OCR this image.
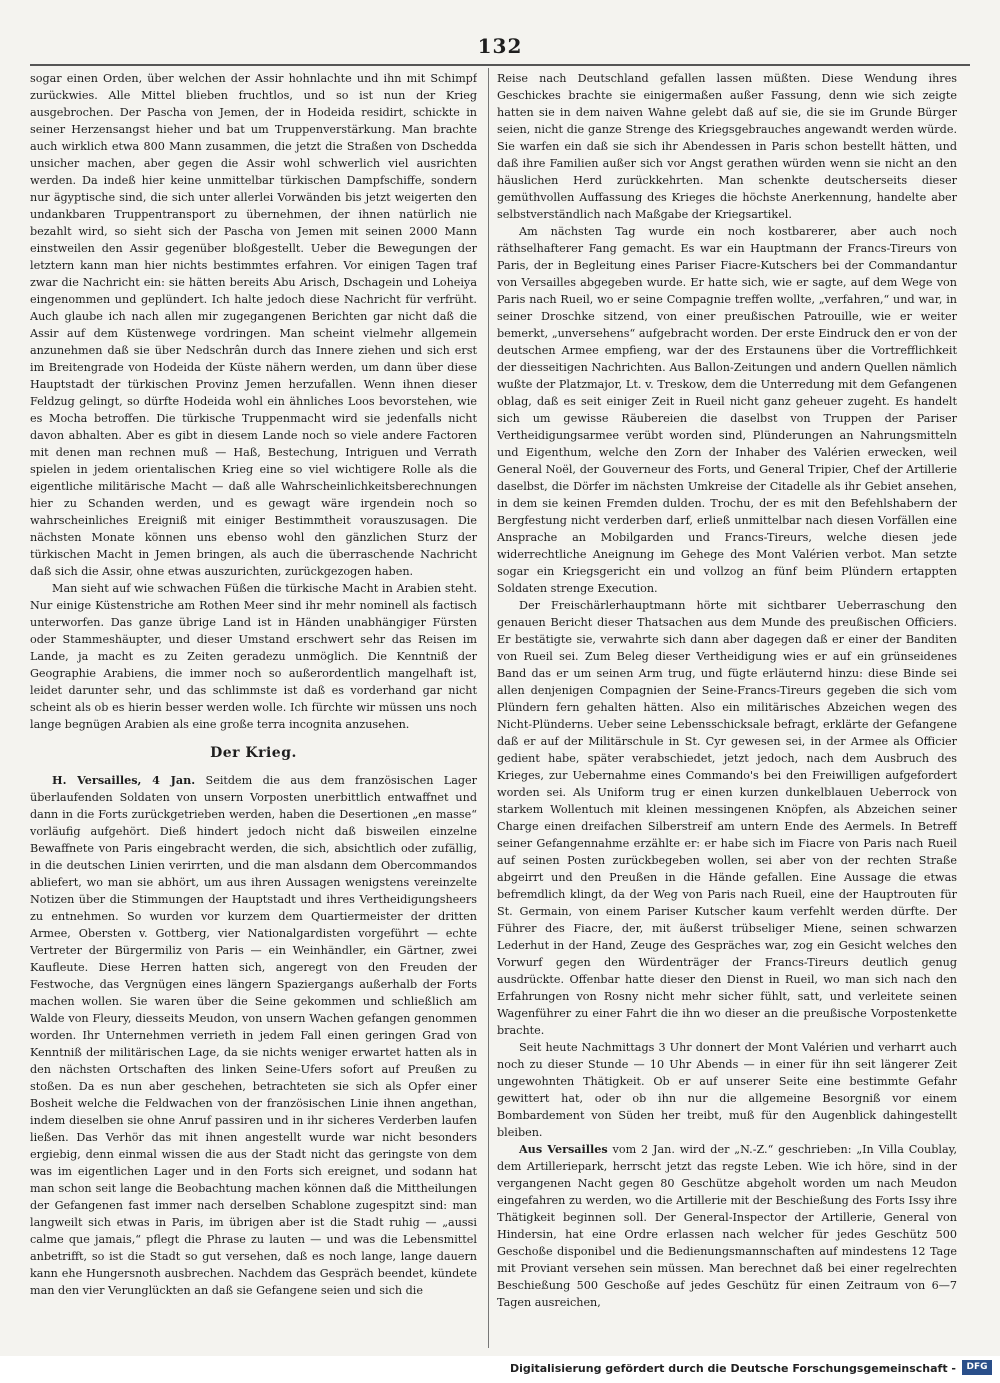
132

sogar einen Orden, über welchen der Assir hohnlachte und ihn mit Schimpf zurückwies. Alle Mittel blieben fruchtlos, und so ist nun der Krieg ausgebrochen. Der Pascha von Jemen, der in Hodeida residirt, schickte in seiner Herzensangst hieher und bat um Truppenverstärkung. Man brachte auch wirklich etwa 800 Mann zusammen, die jetzt die Straßen von Dschedda unsicher machen, aber gegen die Assir wohl schwerlich viel ausrichten werden. Da indeß hier keine unmittelbar türkischen Dampfschiffe, sondern nur ägyptische sind, die sich unter allerlei Vorwänden bis jetzt weigerten den undankbaren Truppentransport zu übernehmen, der ihnen natürlich nie bezahlt wird, so sieht sich der Pascha von Jemen mit seinen 2000 Mann einstweilen den Assir gegenüber bloßgestellt. Ueber die Bewegungen der letztern kann man hier nichts bestimmtes erfahren. Vor einigen Tagen traf zwar die Nachricht ein: sie hätten bereits Abu Arisch, Dschagein und Loheiya eingenommen und geplündert. Ich halte jedoch diese Nachricht für verfrüht. Auch glaube ich nach allen mir zugegangenen Berichten gar nicht daß die Assir auf dem Küstenwege vordringen. Man scheint vielmehr allgemein anzunehmen daß sie über Nedschrân durch das Innere ziehen und sich erst im Breitengrade von Hodeida der Küste nähern werden, um dann über diese Hauptstadt der türkischen Provinz Jemen herzufallen. Wenn ihnen dieser Feldzug gelingt, so dürfte Hodeida wohl ein ähnliches Loos bevorstehen, wie es Mocha betroffen. Die türkische Truppenmacht wird sie jedenfalls nicht davon abhalten. Aber es gibt in diesem Lande noch so viele andere Factoren mit denen man rechnen muß — Haß, Bestechung, Intriguen und Verrath spielen in jedem orientalischen Krieg eine so viel wichtigere Rolle als die eigentliche militärische Macht — daß alle Wahrscheinlichkeitsberechnungen hier zu Schanden werden, und es gewagt wäre irgendein noch so wahrscheinliches Ereigniß mit einiger Bestimmtheit vorauszusagen. Die nächsten Monate können uns ebenso wohl den gänzlichen Sturz der türkischen Macht in Jemen bringen, als auch die überraschende Nachricht daß sich die Assir, ohne etwas auszurichten, zurückgezogen haben.

Man sieht auf wie schwachen Füßen die türkische Macht in Arabien steht. Nur einige Küstenstriche am Rothen Meer sind ihr mehr nominell als factisch unterworfen. Das ganze übrige Land ist in Händen unabhängiger Fürsten oder Stammeshäupter, und dieser Umstand erschwert sehr das Reisen im Lande, ja macht es zu Zeiten geradezu unmöglich. Die Kenntniß der Geographie Arabiens, die immer noch so außerordentlich mangelhaft ist, leidet darunter sehr, und das schlimmste ist daß es vorderhand gar nicht scheint als ob es hierin besser werden wolle. Ich fürchte wir müssen uns noch lange begnügen Arabien als eine große terra incognita anzusehen.

Der Krieg.

H. Versailles, 4 Jan. Seitdem die aus dem französischen Lager überlaufenden Soldaten von unsern Vorposten unerbittlich entwaffnet und dann in die Forts zurückgetrieben werden, haben die Desertionen „en masse“ vorläufig aufgehört. Dieß hindert jedoch nicht daß bisweilen einzelne Bewaffnete von Paris eingebracht werden, die sich, absichtlich oder zufällig, in die deutschen Linien verirrten, und die man alsdann dem Obercommandos abliefert, wo man sie abhört, um aus ihren Aussagen wenigstens vereinzelte Notizen über die Stimmungen der Hauptstadt und ihres Vertheidigungsheers zu entnehmen. So wurden vor kurzem dem Quartiermeister der dritten Armee, Obersten v. Gottberg, vier Nationalgardisten vorgeführt — echte Vertreter der Bürgermiliz von Paris — ein Weinhändler, ein Gärtner, zwei Kaufleute. Diese Herren hatten sich, angeregt von den Freuden der Festwoche, das Vergnügen eines längern Spaziergangs außerhalb der Forts machen wollen. Sie waren über die Seine gekommen und schließlich am Walde von Fleury, diesseits Meudon, von unsern Wachen gefangen genommen worden. Ihr Unternehmen verrieth in jedem Fall einen geringen Grad von Kenntniß der militärischen Lage, da sie nichts weniger erwartet hatten als in den nächsten Ortschaften des linken Seine-Ufers sofort auf Preußen zu stoßen. Da es nun aber geschehen, betrachteten sie sich als Opfer einer Bosheit welche die Feldwachen von der französischen Linie ihnen angethan, indem dieselben sie ohne Anruf passiren und in ihr sicheres Verderben laufen ließen. Das Verhör das mit ihnen angestellt wurde war nicht besonders ergiebig, denn einmal wissen die aus der Stadt nicht das geringste von dem was im eigentlichen Lager und in den Forts sich ereignet, und sodann hat man schon seit lange die Beobachtung machen können daß die Mittheilungen der Gefangenen fast immer nach derselben Schablone zugespitzt sind: man langweilt sich etwas in Paris, im übrigen aber ist die Stadt ruhig — „aussi calme que jamais,“ pflegt die Phrase zu lauten — und was die Lebensmittel anbetrifft, so ist die Stadt so gut versehen, daß es noch lange, lange dauern kann ehe Hungersnoth ausbrechen. Nachdem das Gespräch beendet, kündete man den vier Verunglückten an daß sie Gefangene seien und sich die

Reise nach Deutschland gefallen lassen müßten. Diese Wendung ihres Geschickes brachte sie einigermaßen außer Fassung, denn wie sich zeigte hatten sie in dem naiven Wahne gelebt daß auf sie, die sie im Grunde Bürger seien, nicht die ganze Strenge des Kriegsgebrauches angewandt werden würde. Sie warfen ein daß sie sich ihr Abendessen in Paris schon bestellt hätten, und daß ihre Familien außer sich vor Angst gerathen würden wenn sie nicht an den häuslichen Herd zurückkehrten. Man schenkte deutscherseits dieser gemüthvollen Auffassung des Krieges die höchste Anerkennung, handelte aber selbstverständlich nach Maßgabe der Kriegsartikel.

Am nächsten Tag wurde ein noch kostbarerer, aber auch noch räthselhafterer Fang gemacht. Es war ein Hauptmann der Francs-Tireurs von Paris, der in Begleitung eines Pariser Fiacre-Kutschers bei der Commandantur von Versailles abgegeben wurde. Er hatte sich, wie er sagte, auf dem Wege von Paris nach Rueil, wo er seine Compagnie treffen wollte, „verfahren,“ und war, in seiner Droschke sitzend, von einer preußischen Patrouille, wie er weiter bemerkt, „unversehens“ aufgebracht worden. Der erste Eindruck den er von der deutschen Armee empfieng, war der des Erstaunens über die Vortrefflichkeit der diesseitigen Nachrichten. Aus Ballon-Zeitungen und andern Quellen nämlich wußte der Platzmajor, Lt. v. Treskow, dem die Unterredung mit dem Gefangenen oblag, daß es seit einiger Zeit in Rueil nicht ganz geheuer zugeht. Es handelt sich um gewisse Räubereien die daselbst von Truppen der Pariser Vertheidigungsarmee verübt worden sind, Plünderungen an Nahrungsmitteln und Eigenthum, welche den Zorn der Inhaber des Valérien erwecken, weil General Noël, der Gouverneur des Forts, und General Tripier, Chef der Artillerie daselbst, die Dörfer im nächsten Umkreise der Citadelle als ihr Gebiet ansehen, in dem sie keinen Fremden dulden. Trochu, der es mit den Befehlshabern der Bergfestung nicht verderben darf, erließ unmittelbar nach diesen Vorfällen eine Ansprache an Mobilgarden und Francs-Tireurs, welche diesen jede widerrechtliche Aneignung im Gehege des Mont Valérien verbot. Man setzte sogar ein Kriegsgericht ein und vollzog an fünf beim Plündern ertappten Soldaten strenge Execution.

Der Freischärlerhauptmann hörte mit sichtbarer Ueberraschung den genauen Bericht dieser Thatsachen aus dem Munde des preußischen Officiers. Er bestätigte sie, verwahrte sich dann aber dagegen daß er einer der Banditen von Rueil sei. Zum Beleg dieser Vertheidigung wies er auf ein grünseidenes Band das er um seinen Arm trug, und fügte erläuternd hinzu: diese Binde sei allen denjenigen Compagnien der Seine-Francs-Tireurs gegeben die sich vom Plündern fern gehalten hätten. Also ein militärisches Abzeichen wegen des Nicht-Plünderns. Ueber seine Lebensschicksale befragt, erklärte der Gefangene daß er auf der Militärschule in St. Cyr gewesen sei, in der Armee als Officier gedient habe, später verabschiedet, jetzt jedoch, nach dem Ausbruch des Krieges, zur Uebernahme eines Commando's bei den Freiwilligen aufgefordert worden sei. Als Uniform trug er einen kurzen dunkelblauen Ueberrock von starkem Wollentuch mit kleinen messingenen Knöpfen, als Abzeichen seiner Charge einen dreifachen Silberstreif am untern Ende des Aermels. In Betreff seiner Gefangennahme erzählte er: er habe sich im Fiacre von Paris nach Rueil auf seinen Posten zurückbegeben wollen, sei aber von der rechten Straße abgeirrt und den Preußen in die Hände gefallen. Eine Aussage die etwas befremdlich klingt, da der Weg von Paris nach Rueil, eine der Hauptrouten für St. Germain, von einem Pariser Kutscher kaum verfehlt werden dürfte. Der Führer des Fiacre, der, mit äußerst trübseliger Miene, seinen schwarzen Lederhut in der Hand, Zeuge des Gespräches war, zog ein Gesicht welches den Vorwurf gegen den Würdenträger der Francs-Tireurs deutlich genug ausdrückte. Offenbar hatte dieser den Dienst in Rueil, wo man sich nach den Erfahrungen von Rosny nicht mehr sicher fühlt, satt, und verleitete seinen Wagenführer zu einer Fahrt die ihn wo dieser an die preußische Vorpostenkette brachte.

Seit heute Nachmittags 3 Uhr donnert der Mont Valérien und verharrt auch noch zu dieser Stunde — 10 Uhr Abends — in einer für ihn seit längerer Zeit ungewohnten Thätigkeit. Ob er auf unserer Seite eine bestimmte Gefahr gewittert hat, oder ob ihn nur die allgemeine Besorgniß vor einem Bombardement von Süden her treibt, muß für den Augenblick dahingestellt bleiben.

Aus Versailles vom 2 Jan. wird der „N.-Z.“ geschrieben: „In Villa Coublay, dem Artilleriepark, herrscht jetzt das regste Leben. Wie ich höre, sind in der vergangenen Nacht gegen 80 Geschütze abgeholt worden um nach Meudon eingefahren zu werden, wo die Artillerie mit der Beschießung des Forts Issy ihre Thätigkeit beginnen soll. Der General-Inspector der Artillerie, General von Hindersin, hat eine Ordre erlassen nach welcher für jedes Geschütz 500 Geschoße disponibel und die Bedienungsmannschaften auf mindestens 12 Tage mit Proviant versehen sein müssen. Man berechnet daß bei einer regelrechten Beschießung 500 Geschoße auf jedes Geschütz für einen Zeitraum von 6—7 Tagen ausreichen,

Digitalisierung gefördert durch die Deutsche Forschungsgemeinschaft -	DFG
